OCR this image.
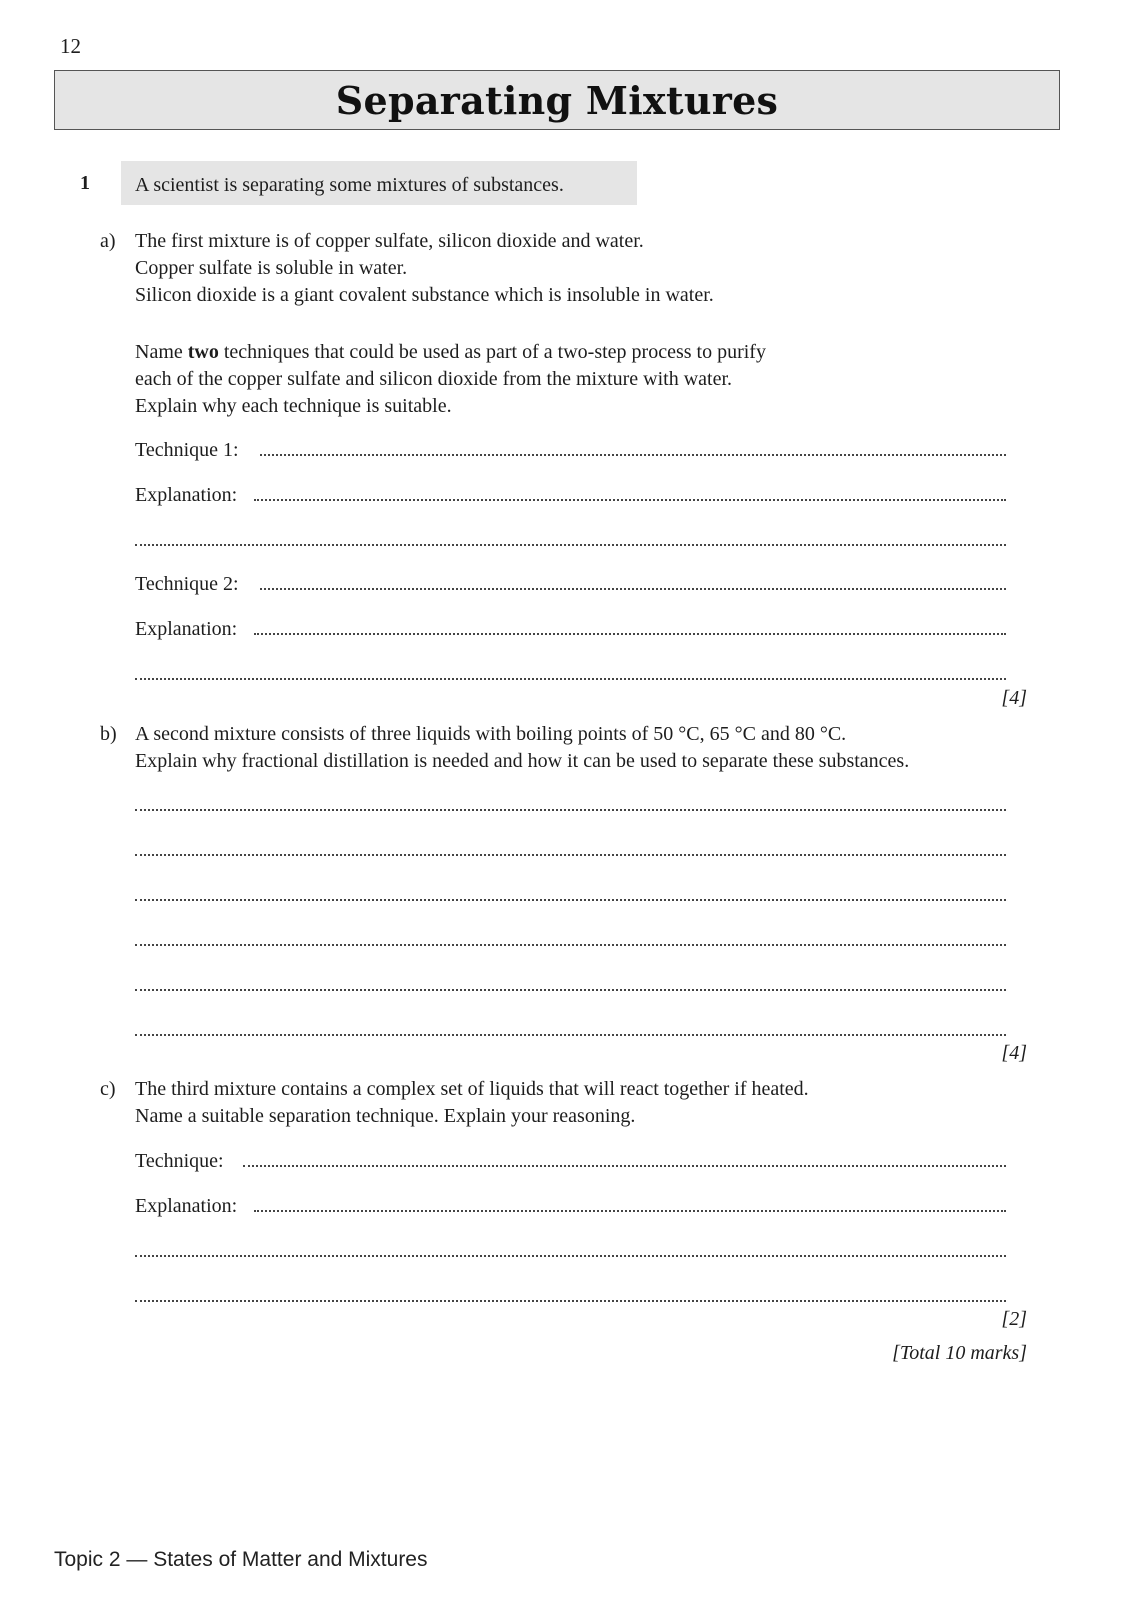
12
Separating Mixtures
1 A scientist is separating some mixtures of substances.
a) The first mixture is of copper sulfate, silicon dioxide and water.
Copper sulfate is soluble in water.
Silicon dioxide is a giant covalent substance which is insoluble in water.
Name two techniques that could be used as part of a two-step process to purify
each of the copper sulfate and silicon dioxide from the mixture with water.
Explain why each technique is suitable.
Technique 1:
Explanation:
Technique 2:
Explanation:
[4]
b) A second mixture consists of three liquids with boiling points of 50 °C, 65 °C and 80 °C.
Explain why fractional distillation is needed and how it can be used to separate these substances.
[4]
c) The third mixture contains a complex set of liquids that will react together if heated.
Name a suitable separation technique. Explain your reasoning.
Technique:
Explanation:
[2]
[Total 10 marks]
Topic 2 — States of Matter and Mixtures
